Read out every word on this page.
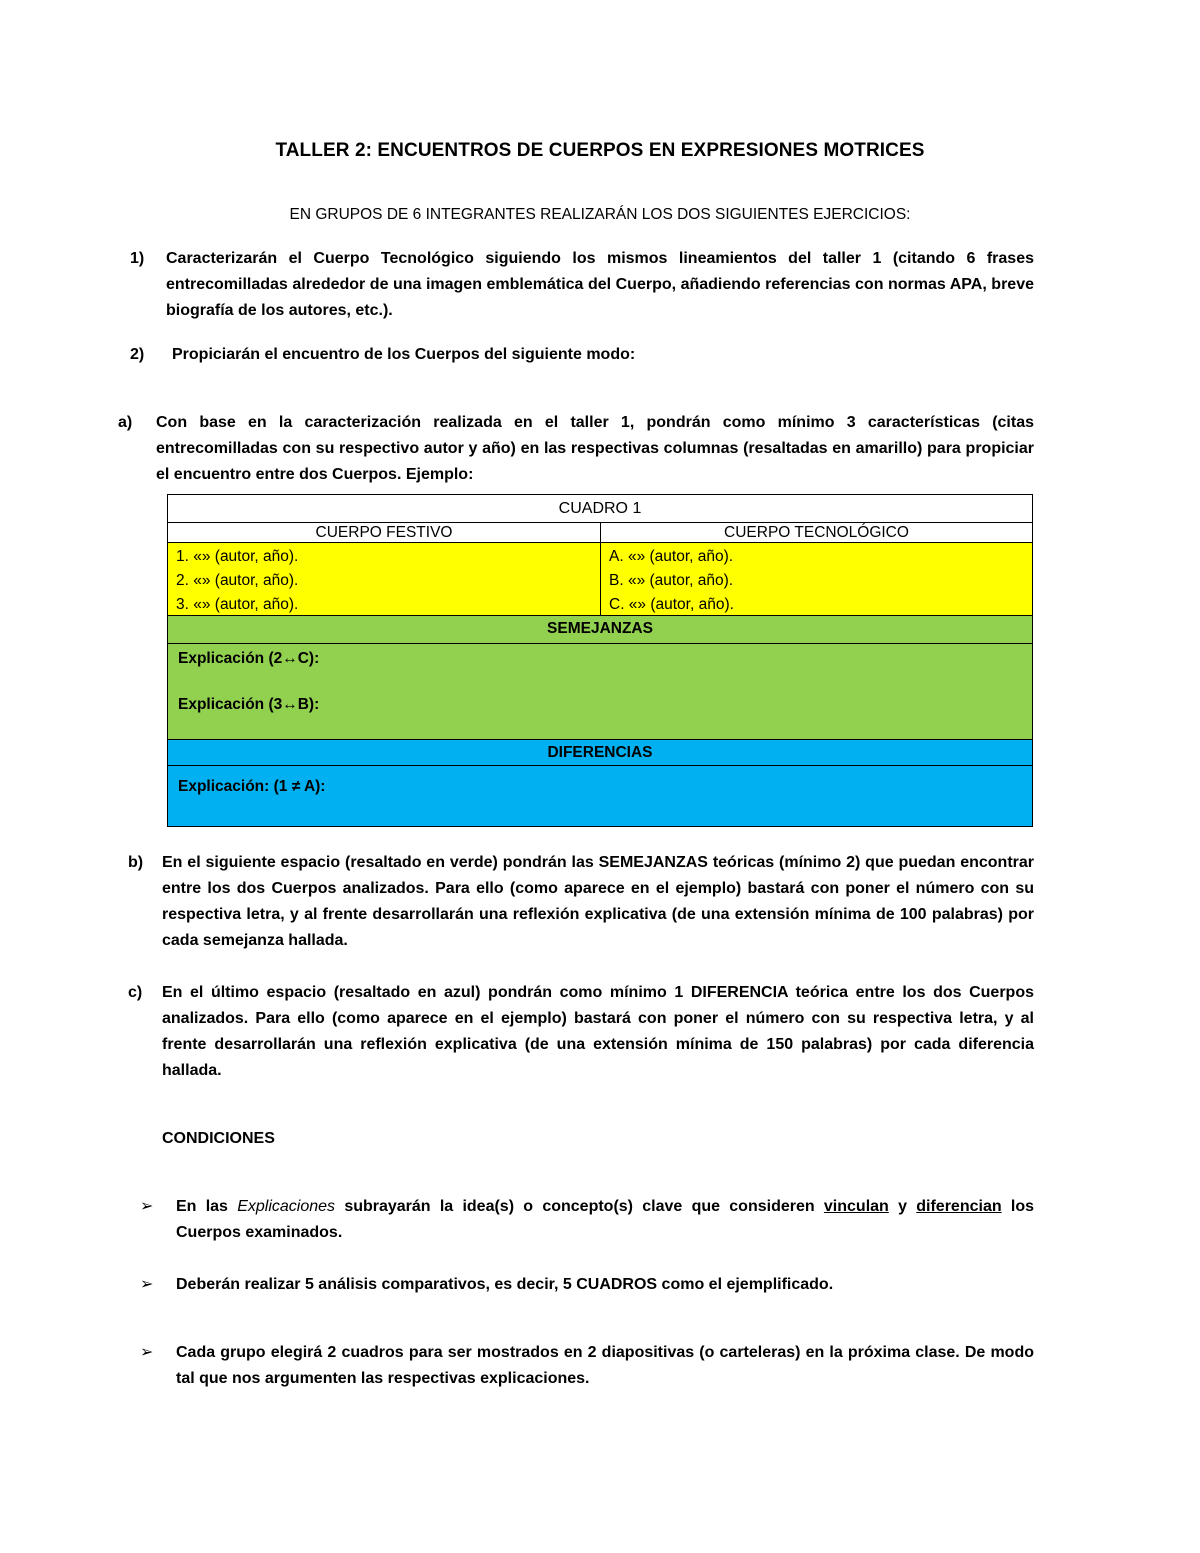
TALLER 2: ENCUENTROS DE CUERPOS EN EXPRESIONES MOTRICES
EN GRUPOS DE 6 INTEGRANTES REALIZARÁN LOS DOS SIGUIENTES EJERCICIOS:
1) Caracterizarán el Cuerpo Tecnológico siguiendo los mismos lineamientos del taller 1 (citando 6 frases entrecomilladas alrededor de una imagen emblemática del Cuerpo, añadiendo referencias con normas APA, breve biografía de los autores, etc.).
2) Propiciarán el encuentro de los Cuerpos del siguiente modo:
a) Con base en la caracterización realizada en el taller 1, pondrán como mínimo 3 características (citas entrecomilladas con su respectivo autor y año) en las respectivas columnas (resaltadas en amarillo) para propiciar el encuentro entre dos Cuerpos. Ejemplo:
CUADRO 1
CUERPO FESTIVO	CUERPO TECNOLÓGICO
1. «» (autor, año).
2. «» (autor, año).
3. «» (autor, año).
A. «» (autor, año).
B. «» (autor, año).
C. «» (autor, año).
SEMEJANZAS
Explicación (2↔C):
Explicación (3↔B):
DIFERENCIAS
Explicación: (1 ≠ A):
b) En el siguiente espacio (resaltado en verde) pondrán las SEMEJANZAS teóricas (mínimo 2) que puedan encontrar entre los dos Cuerpos analizados. Para ello (como aparece en el ejemplo) bastará con poner el número con su respectiva letra, y al frente desarrollarán una reflexión explicativa (de una extensión mínima de 100 palabras) por cada semejanza hallada.
c) En el último espacio (resaltado en azul) pondrán como mínimo 1 DIFERENCIA teórica entre los dos Cuerpos analizados. Para ello (como aparece en el ejemplo) bastará con poner el número con su respectiva letra, y al frente desarrollarán una reflexión explicativa (de una extensión mínima de 150 palabras) por cada diferencia hallada.
CONDICIONES
➢ En las Explicaciones subrayarán la idea(s) o concepto(s) clave que consideren vinculan y diferencian los Cuerpos examinados.
➢ Deberán realizar 5 análisis comparativos, es decir, 5 CUADROS como el ejemplificado.
➢ Cada grupo elegirá 2 cuadros para ser mostrados en 2 diapositivas (o carteleras) en la próxima clase. De modo tal que nos argumenten las respectivas explicaciones.
